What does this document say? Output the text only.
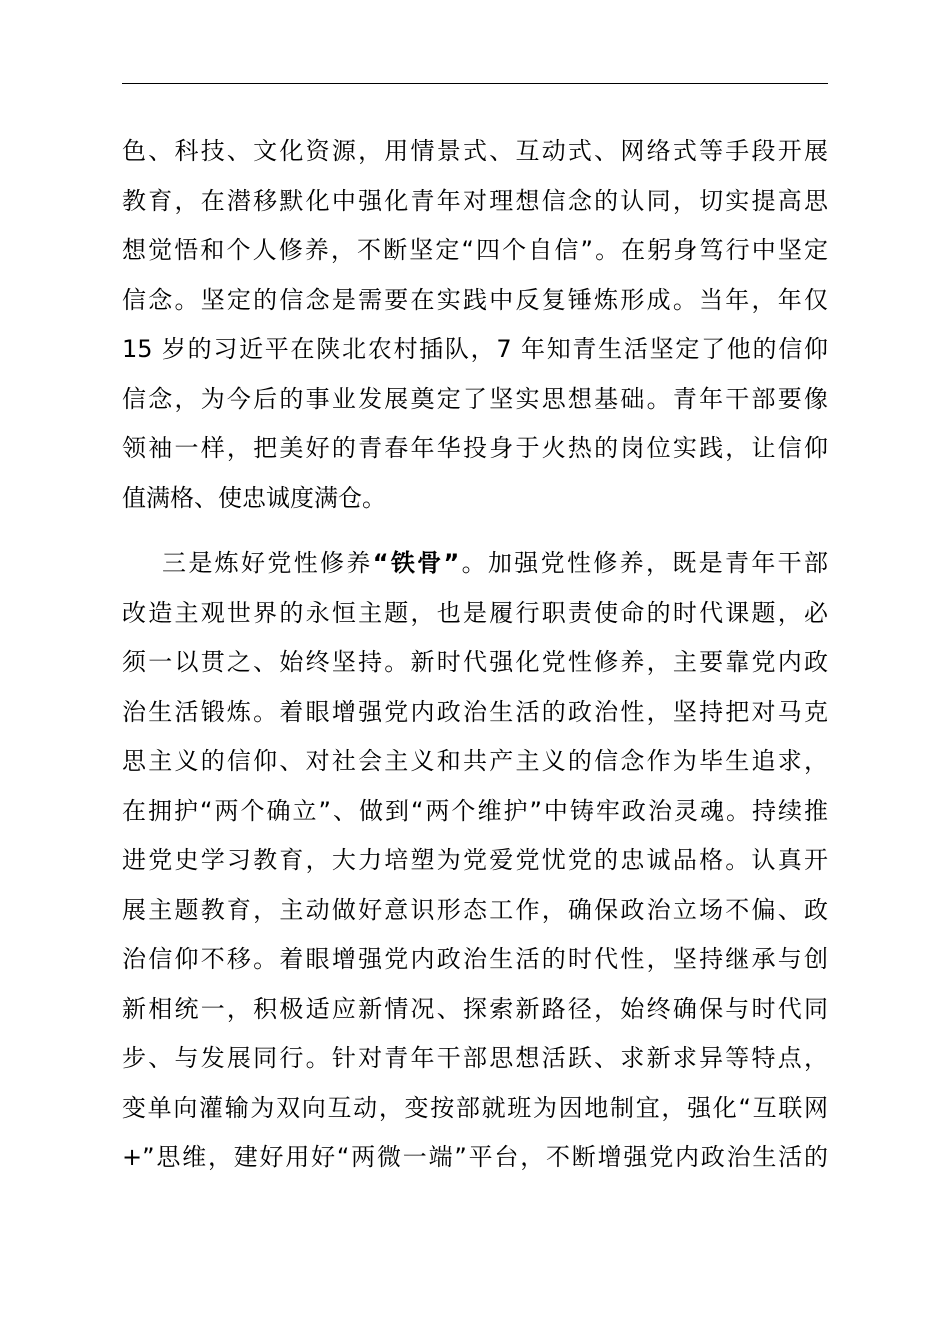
色、科技、文化资源，用情景式、互动式、网络式等手段开展
教育，在潜移默化中强化青年对理想信念的认同，切实提高思
想觉悟和个人修养，不断坚定“四个自信”。在躬身笃行中坚定
信念。坚定的信念是需要在实践中反复锤炼形成。当年，年仅
15 岁的习近平在陕北农村插队，7 年知青生活坚定了他的信仰
信念，为今后的事业发展奠定了坚实思想基础。青年干部要像
领袖一样，把美好的青春年华投身于火热的岗位实践，让信仰
值满格、使忠诚度满仓。
三是炼好党性修养“铁骨”。加强党性修养，既是青年干部
改造主观世界的永恒主题，也是履行职责使命的时代课题，必
须一以贯之、始终坚持。新时代强化党性修养，主要靠党内政
治生活锻炼。着眼增强党内政治生活的政治性，坚持把对马克
思主义的信仰、对社会主义和共产主义的信念作为毕生追求，
在拥护“两个确立”、做到“两个维护”中铸牢政治灵魂。持续推
进党史学习教育，大力培塑为党爱党忧党的忠诚品格。认真开
展主题教育，主动做好意识形态工作，确保政治立场不偏、政
治信仰不移。着眼增强党内政治生活的时代性，坚持继承与创
新相统一，积极适应新情况、探索新路径，始终确保与时代同
步、与发展同行。针对青年干部思想活跃、求新求异等特点，
变单向灌输为双向互动，变按部就班为因地制宜，强化“互联网
+”思维，建好用好“两微一端”平台，不断增强党内政治生活的
